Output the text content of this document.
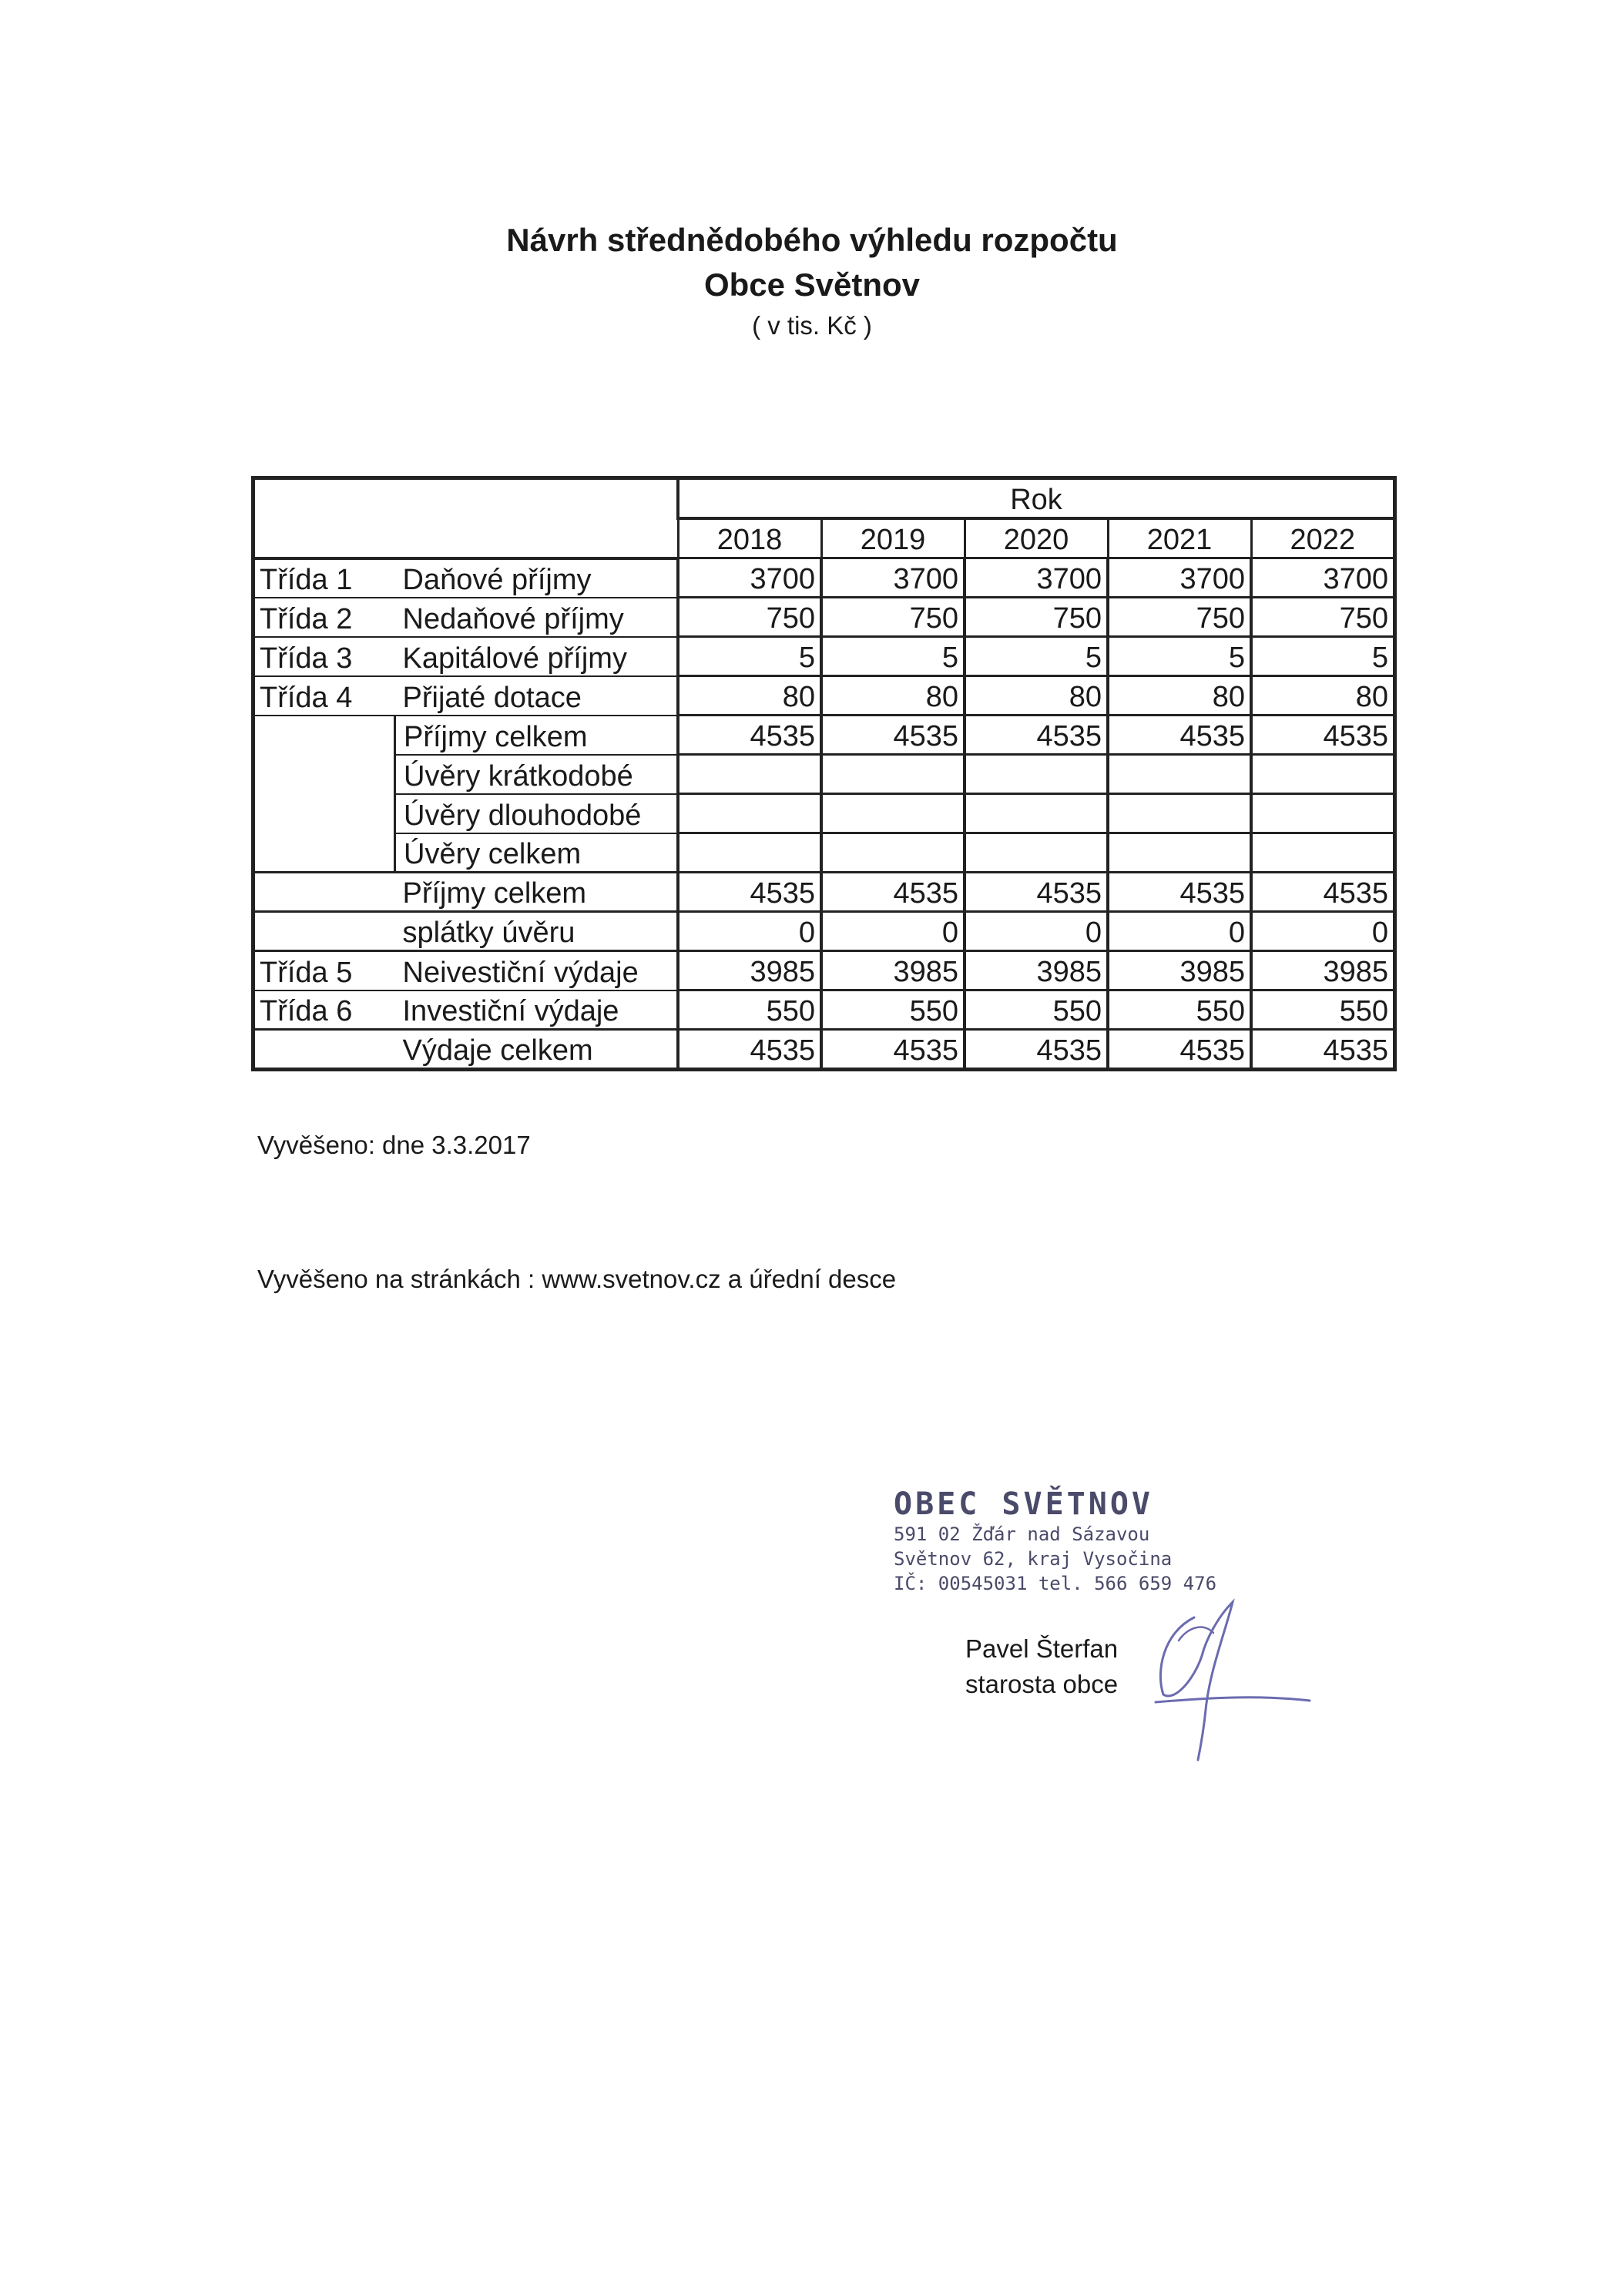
Návrh střednědobého výhledu rozpočtu
Obce Světnov
( v tis. Kč )
		Rok				
		2018	2019	2020	2021	2022
Třída 1	Daňové příjmy	3700	3700	3700	3700	3700
Třída 2	Nedaňové příjmy	750	750	750	750	750
Třída 3	Kapitálové příjmy	5	5	5	5	5
Třída 4	Přijaté dotace	80	80	80	80	80
	Příjmy celkem	4535	4535	4535	4535	4535
	Úvěry krátkodobé					
	Úvěry dlouhodobé					
	Úvěry celkem					
	Příjmy celkem	4535	4535	4535	4535	4535
	splátky úvěru	0	0	0	0	0
Třída 5	Neivestiční výdaje	3985	3985	3985	3985	3985
Třída 6	Investiční výdaje	550	550	550	550	550
	Výdaje celkem	4535	4535	4535	4535	4535
Vyvěšeno: dne 3.3.2017
Vyvěšeno na stránkách : www.svetnov.cz a úřední desce
OBEC SVĚTNOV
591 02 Žďár nad Sázavou
Světnov 62, kraj Vysočina
IČ: 00545031 tel. 566 659 476
Pavel Šterfan
starosta obce
